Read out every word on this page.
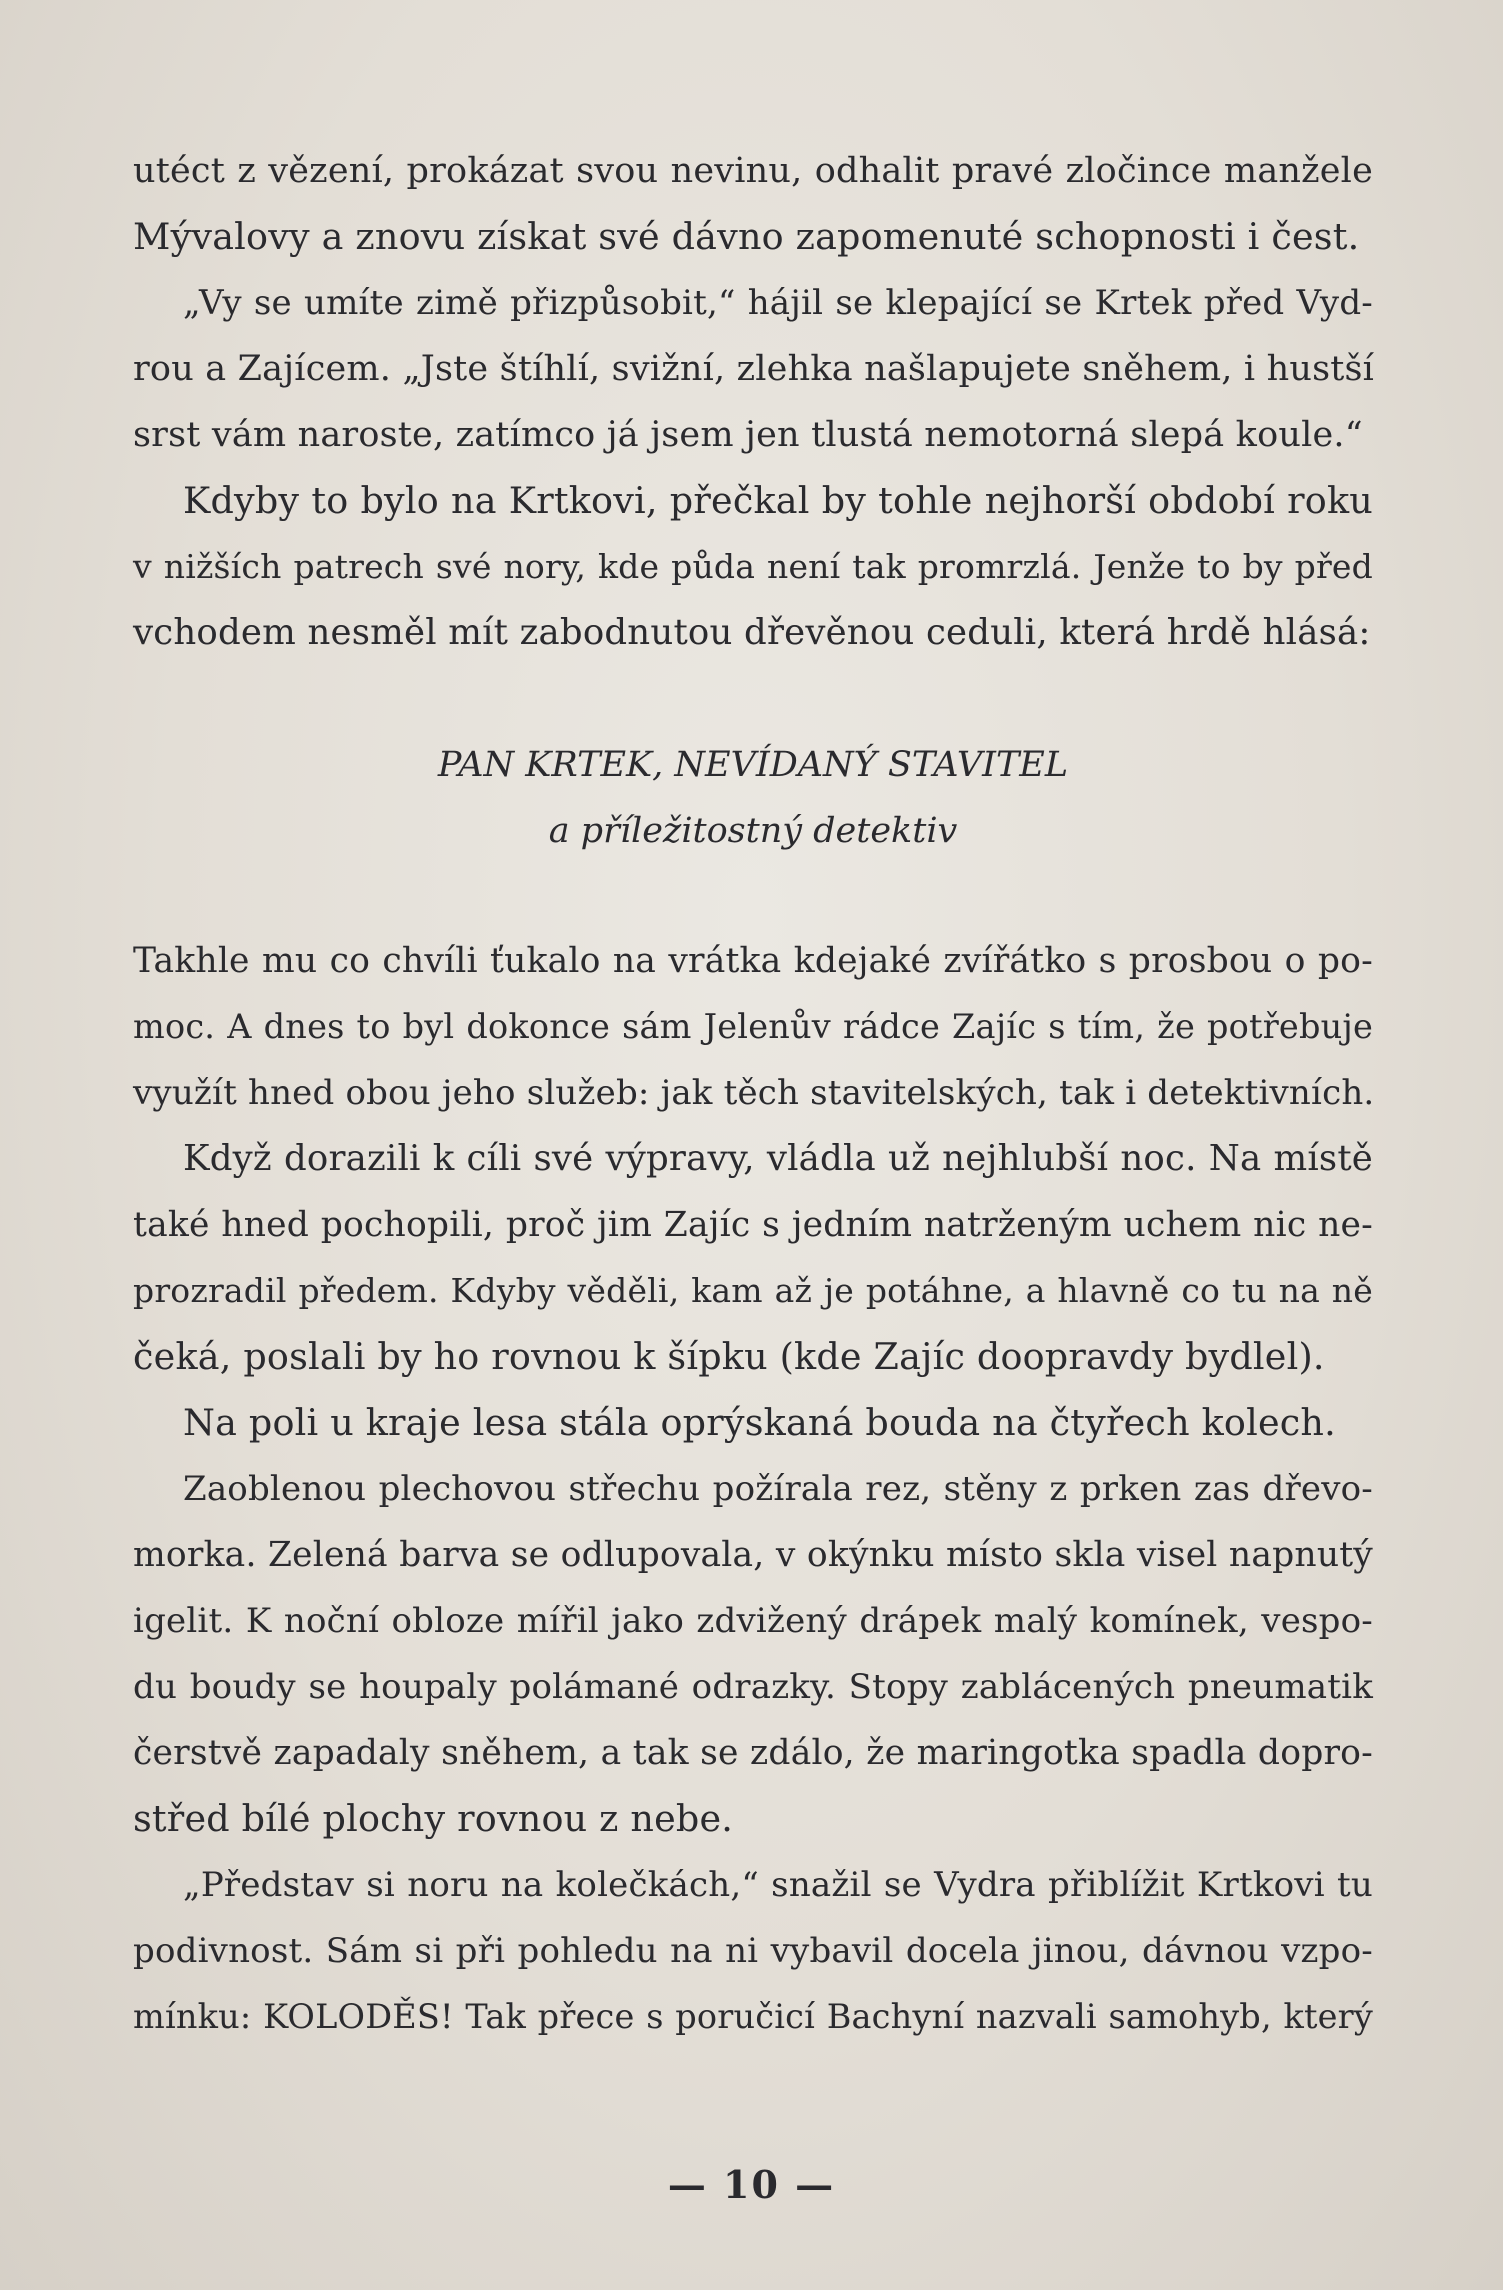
utéct z vězení, prokázat svou nevinu, odhalit pravé zločince manžele
Mývalovy a znovu získat své dávno zapomenuté schopnosti i čest.
„Vy se umíte zimě přizpůsobit,“ hájil se klepající se Krtek před Vyd-
rou a Zajícem. „Jste štíhlí, svižní, zlehka našlapujete sněhem, i hustší
srst vám naroste, zatímco já jsem jen tlustá nemotorná slepá koule.“
Kdyby to bylo na Krtkovi, přečkal by tohle nejhorší období roku
v nižších patrech své nory, kde půda není tak promrzlá. Jenže to by před
vchodem nesměl mít zabodnutou dřevěnou ceduli, která hrdě hlásá:
PAN KRTEK, NEVÍDANÝ STAVITEL
a příležitostný detektiv
Takhle mu co chvíli ťukalo na vrátka kdejaké zvířátko s prosbou o po-
moc. A dnes to byl dokonce sám Jelenův rádce Zajíc s tím, že potřebuje
využít hned obou jeho služeb: jak těch stavitelských, tak i detektivních.
Když dorazili k cíli své výpravy, vládla už nejhlubší noc. Na místě
také hned pochopili, proč jim Zajíc s jedním natrženým uchem nic ne-
prozradil předem. Kdyby věděli, kam až je potáhne, a hlavně co tu na ně
čeká, poslali by ho rovnou k šípku (kde Zajíc doopravdy bydlel).
Na poli u kraje lesa stála oprýskaná bouda na čtyřech kolech.
Zaoblenou plechovou střechu požírala rez, stěny z prken zas dřevo-
morka. Zelená barva se odlupovala, v okýnku místo skla visel napnutý
igelit. K noční obloze mířil jako zdvižený drápek malý komínek, vespo-
du boudy se houpaly polámané odrazky. Stopy zablácených pneumatik
čerstvě zapadaly sněhem, a tak se zdálo, že maringotka spadla dopro-
střed bílé plochy rovnou z nebe.
„Představ si noru na kolečkách,“ snažil se Vydra přiblížit Krtkovi tu
podivnost. Sám si při pohledu na ni vybavil docela jinou, dávnou vzpo-
mínku: KOLODĚS! Tak přece s poručicí Bachyní nazvali samohyb, který
— 10 —
